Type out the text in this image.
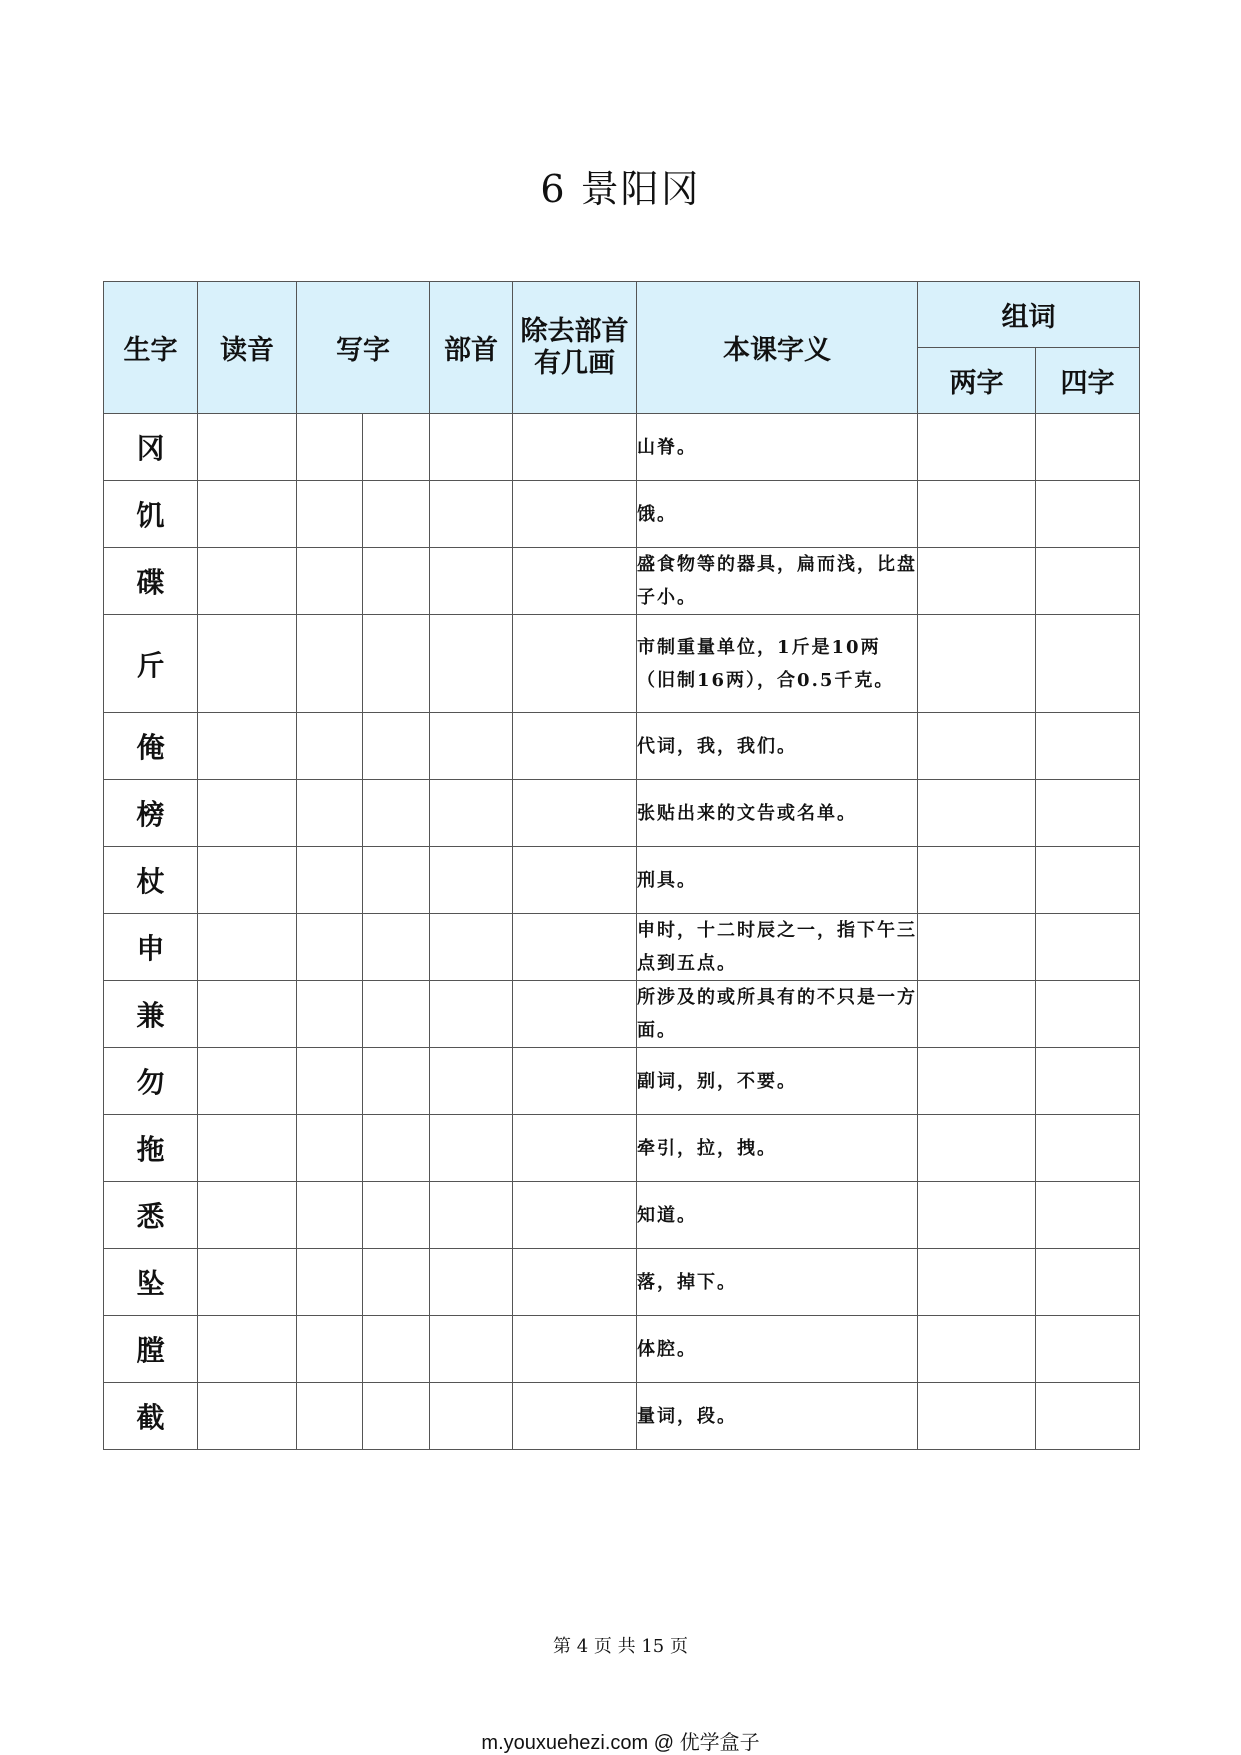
6 景阳冈
生字	读音	写字		部首	除去部首有几画	本课字义	组词	
							两字	四字
冈						山脊。		
饥						饿。		
碟						盛食物等的器具，扁而浅，比盘子小。		
斤						市制重量单位，1斤是10两（旧制16两），合0.5千克。		
俺						代词，我，我们。		
榜						张贴出来的文告或名单。		
杖						刑具。		
申						申时，十二时辰之一，指下午三点到五点。		
兼						所涉及的或所具有的不只是一方面。		
勿						副词，别，不要。		
拖						牵引，拉，拽。		
悉						知道。		
坠						落，掉下。		
膛						体腔。		
截						量词，段。		
第 4 页 共 15 页
m.youxuehezi.com @ 优学盒子
